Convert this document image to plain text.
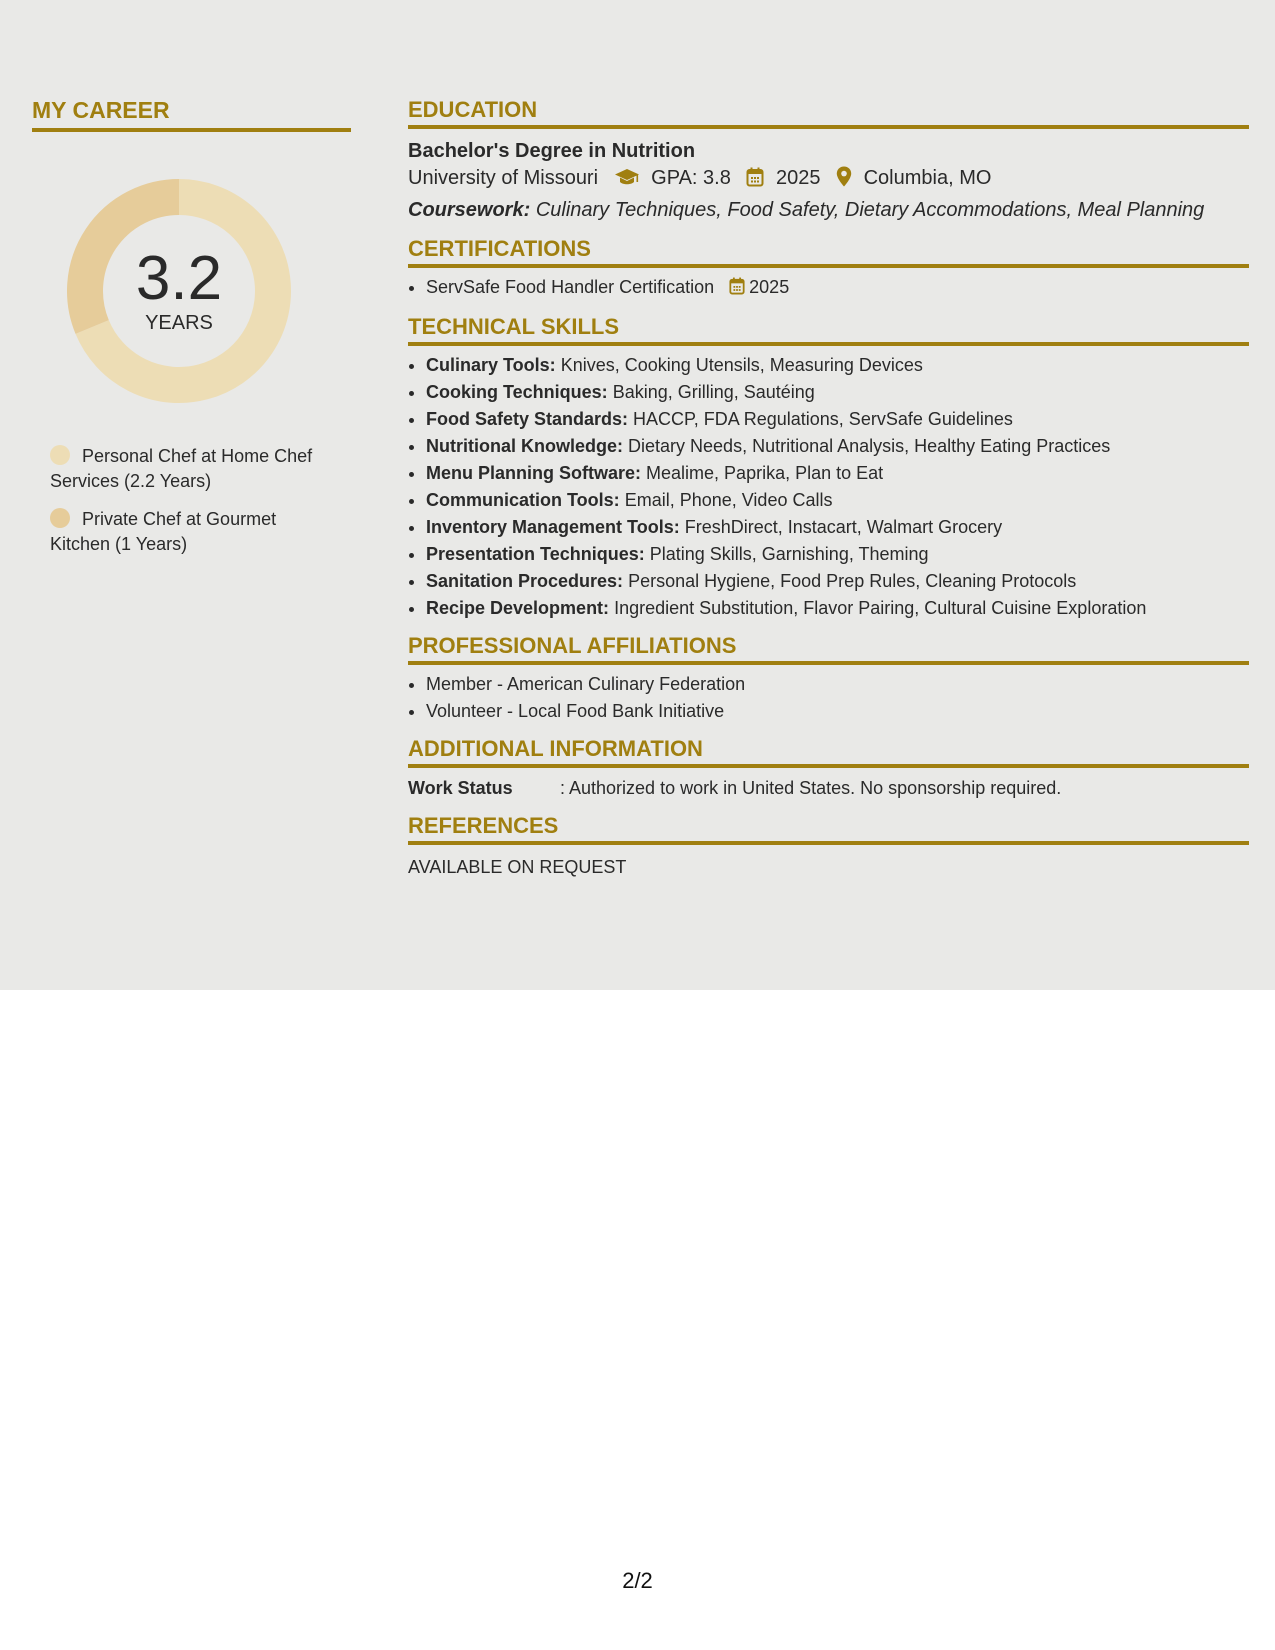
MY CAREER
3.2
YEARS
Personal Chef at Home Chef Services (2.2 Years)
Private Chef at Gourmet Kitchen (1 Years)
EDUCATION
Bachelor's Degree in Nutrition
University of Missouri	GPA: 3.8 2025 Columbia, MO
Coursework: Culinary Techniques, Food Safety, Dietary Accommodations, Meal Planning
CERTIFICATIONS
• ServSafe Food Handler Certification 2025
TECHNICAL SKILLS
• Culinary Tools: Knives, Cooking Utensils, Measuring Devices
• Cooking Techniques: Baking, Grilling, Sautéing
• Food Safety Standards: HACCP, FDA Regulations, ServSafe Guidelines
• Nutritional Knowledge: Dietary Needs, Nutritional Analysis, Healthy Eating Practices
• Menu Planning Software: Mealime, Paprika, Plan to Eat
• Communication Tools: Email, Phone, Video Calls
• Inventory Management Tools: FreshDirect, Instacart, Walmart Grocery
• Presentation Techniques: Plating Skills, Garnishing, Theming
• Sanitation Procedures: Personal Hygiene, Food Prep Rules, Cleaning Protocols
• Recipe Development: Ingredient Substitution, Flavor Pairing, Cultural Cuisine Exploration
PROFESSIONAL AFFILIATIONS
• Member - American Culinary Federation
• Volunteer - Local Food Bank Initiative
ADDITIONAL INFORMATION
Work Status	: Authorized to work in United States. No sponsorship required.
REFERENCES
AVAILABLE ON REQUEST
2/2
